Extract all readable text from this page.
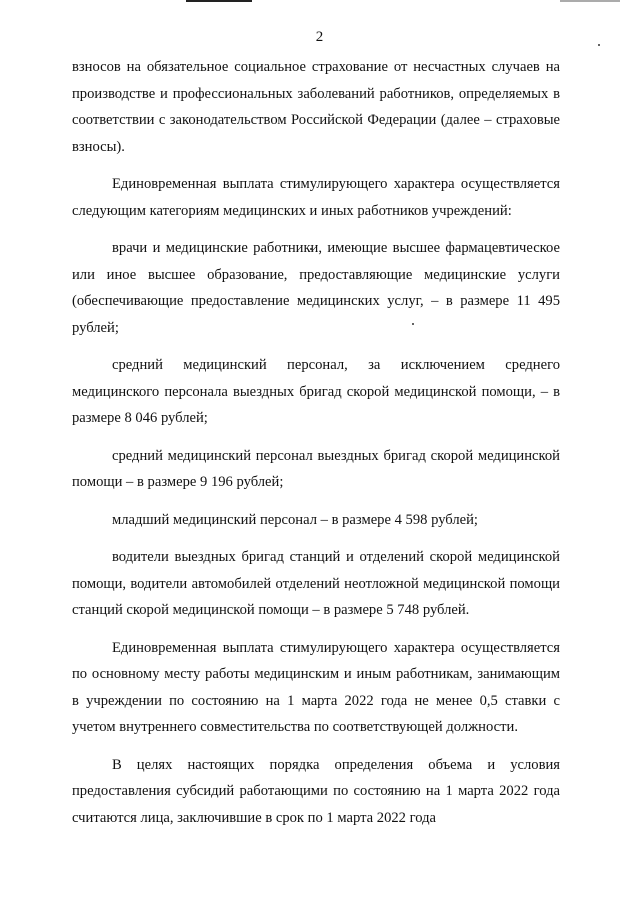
2

взносов на обязательное социальное страхование от несчастных случаев на производстве и профессиональных заболеваний работников, определяемых в соответствии с законодательством Российской Федерации (далее – страховые взносы).

Единовременная выплата стимулирующего характера осуществляется следующим категориям медицинских и иных работников учреждений:

врачи и медицинские работники, имеющие высшее фармацевтическое или иное высшее образование, предоставляющие медицинские услуги (обеспечивающие предоставление медицинских услуг, – в размере 11 495 рублей;

средний медицинский персонал, за исключением среднего медицинского персонала выездных бригад скорой медицинской помощи, – в размере 8 046 рублей;

средний медицинский персонал выездных бригад скорой медицинской помощи – в размере 9 196 рублей;

младший медицинский персонал – в размере 4 598 рублей;

водители выездных бригад станций и отделений скорой медицинской помощи, водители автомобилей отделений неотложной медицинской помощи станций скорой медицинской помощи – в размере 5 748 рублей.

Единовременная выплата стимулирующего характера осуществляется по основному месту работы медицинским и иным работникам, занимающим в учреждении по состоянию на 1 марта 2022 года не менее 0,5 ставки с учетом внутреннего совместительства по соответствующей должности.

В целях настоящих порядка определения объема и условия предоставления субсидий работающими по состоянию на 1 марта 2022 года считаются лица, заключившие в срок по 1 марта 2022 года
